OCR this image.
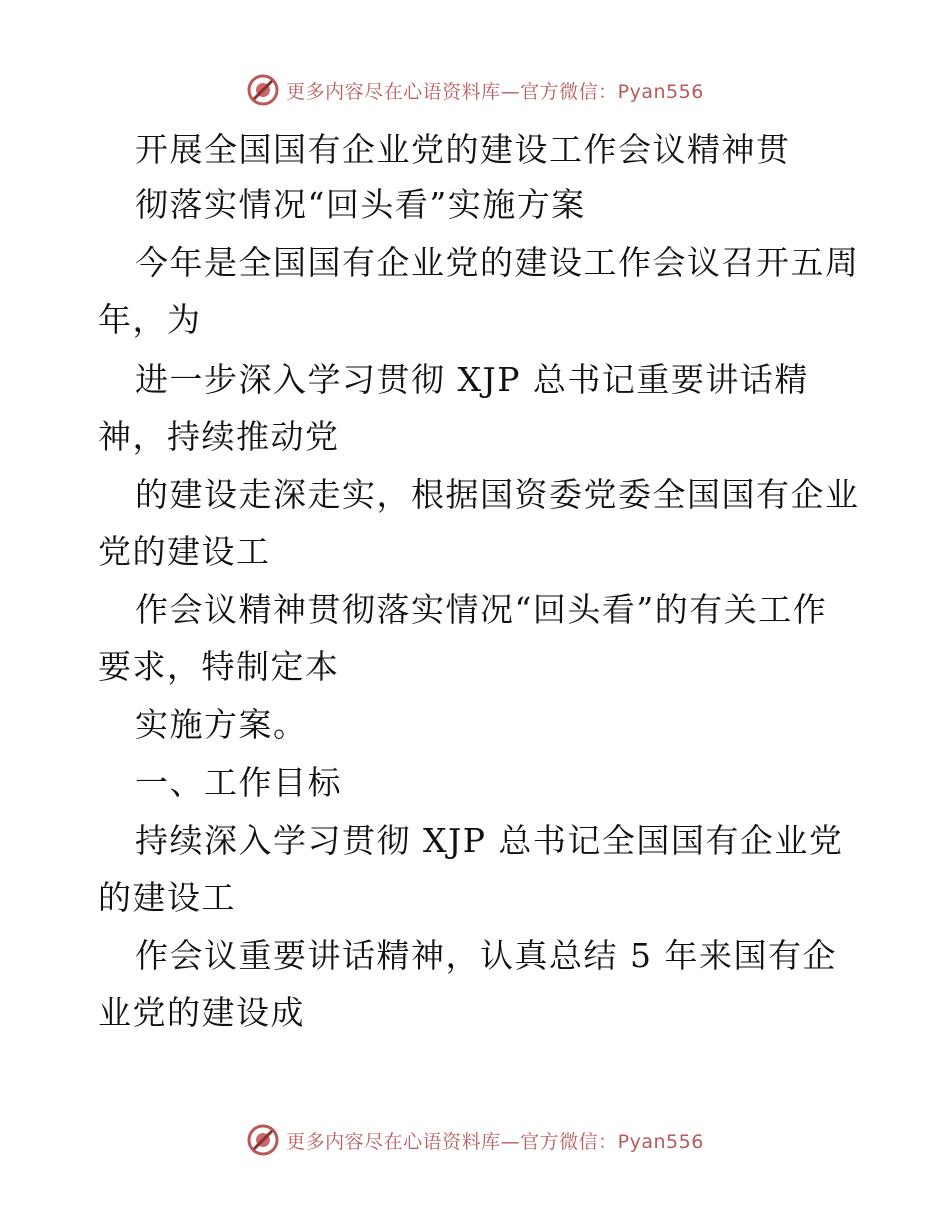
更多内容尽在心语资料库—官方微信：Pyan556
开展全国国有企业党的建设工作会议精神贯
彻落实情况“回头看”实施方案
今年是全国国有企业党的建设工作会议召开五周
年，为
进一步深入学习贯彻 XJP 总书记重要讲话精
神，持续推动党
的建设走深走实，根据国资委党委全国国有企业
党的建设工
作会议精神贯彻落实情况“回头看”的有关工作
要求，特制定本
实施方案。
一、工作目标
持续深入学习贯彻 XJP 总书记全国国有企业党
的建设工
作会议重要讲话精神，认真总结 5 年来国有企
业党的建设成
更多内容尽在心语资料库—官方微信：Pyan556
